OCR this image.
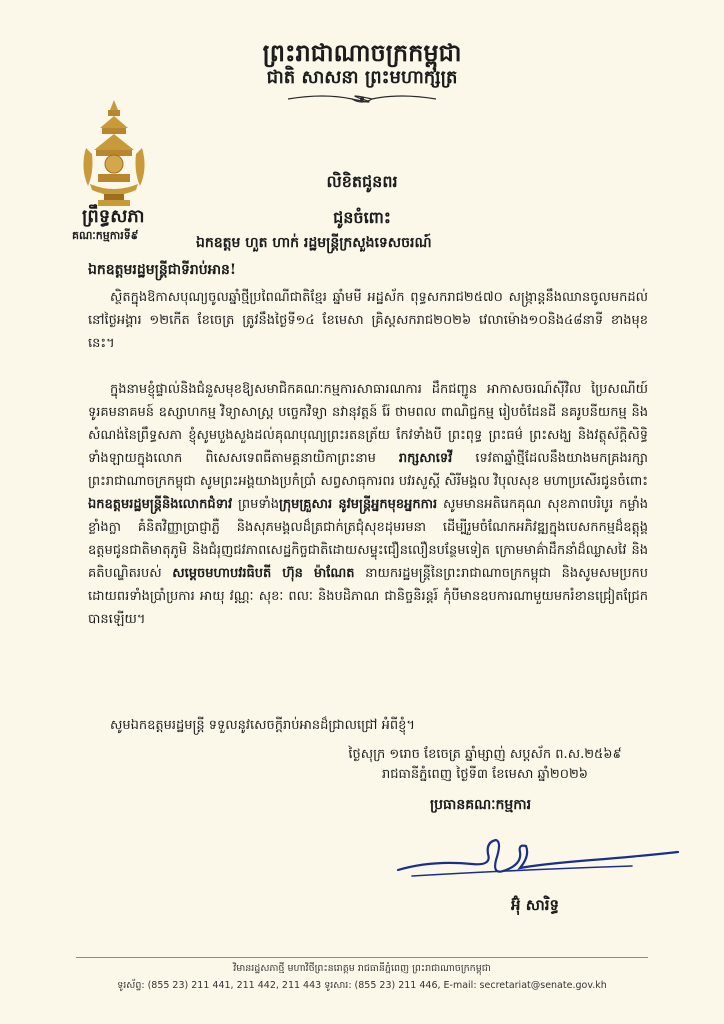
ព្រះរាជាណាចក្រកម្ពុជា
ជាតិ សាសនា ព្រះមហាក្សត្រ
ព្រឹទ្ធសភា
គណៈកម្មការទី៩
លិខិតជូនពរ
ជូនចំពោះ
ឯកឧត្តម ហួត ហាក់ រដ្ឋមន្ត្រីក្រសួងទេសចរណ៍
ឯកឧត្តមរដ្ឋមន្ត្រីជាទីរាប់អាន!
ស្ថិតក្នុងឱកាសបុណ្យចូលឆ្នាំថ្មីប្រពៃណីជាតិខ្មែរ ឆ្នាំមមី អដ្ឋស័ក ពុទ្ធសករាជ២៥៧០ សង្ក្រាន្តនឹងឈានចូលមកដល់នៅថ្ងៃអង្គារ ១២កើត ខែចេត្រ ត្រូវនឹងថ្ងៃទី១៤ ខែមេសា គ្រិស្តសករាជ២០២៦ វេលាម៉ោង១០និង៤៨នាទី ខាងមុខនេះ។
ក្នុងនាមខ្ញុំផ្ទាល់និងជំនួសមុខឱ្យសមាជិកគណៈកម្មការសាធារណការ ដឹកជញ្ជូន អាកាសចរណ៍ស៊ីវិល ប្រៃសណីយ៍ ទូរគមនាគមន៍ ឧស្សាហកម្ម វិទ្យាសាស្ត្រ បច្ចេកវិទ្យា នវានុវត្តន៍ រ៉ែ ថាមពល ពាណិជ្ជកម្ម រៀបចំដែនដី នគរូបនីយកម្ម និងសំណង់នៃព្រឹទ្ធសភា ខ្ញុំសូមបួងសួងដល់គុណបុណ្យព្រះរតនត្រ័យ កែវទាំងបី ព្រះពុទ្ធ ព្រះធម៌ ព្រះសង្ឃ និងវត្ថុស័ក្តិសិទ្ធិទាំងឡាយក្នុងលោក ពិសេសទេពធីតាមគ្គនាយិកាព្រះនាម រាក្សសាទេវី ទេវតាឆ្នាំថ្មីដែលនឹងយាងមកគ្រងរក្សាព្រះរាជាណាចក្រកម្ពុជា សូមព្រះអង្គយាងប្រកំប្រាំ សព្វសាធុការពរ បវរសួស្តី សិរីមង្គល វិបុលសុខ មហាប្រសើរជូនចំពោះ ឯកឧត្តមរដ្ឋមន្ត្រីនិងលោកជំទាវ ព្រមទាំងក្រុមគ្រួសារ នូវមន្ត្រីអ្នកមុខអ្នកការ សូមមានអតិរេកគុណ សុខភាពបរិបូរ កម្លាំងខ្លាំងក្លា គំនិតវិញ្ញាប្រាជ្ញាភ្លឺ និងសុភមង្គលដ៏ត្រជាក់ត្រជុំសុខដុមរមនា ដើម្បីរួមចំណែកអភិវឌ្ឍក្នុងបេសកកម្មដ៏ឧត្តុង្គឧត្តមជូនជាតិមាតុភូមិ និងជំរុញជវភាពសេដ្ឋកិច្ចជាតិដោយសម្ទុះជឿនលឿនបន្ថែមទៀត ក្រោមមាគ៌ាដឹកនាំដ៏ឈ្លាសវៃ និងគតិបណ្ឌិតរបស់ សម្តេចមហាបវរធិបតី ហ៊ុន ម៉ាណែត នាយករដ្ឋមន្ត្រីនៃព្រះរាជាណាចក្រកម្ពុជា និងសូមសមប្រកបដោយពរទាំងប្រាំប្រការ អាយុ វណ្ណៈ សុខៈ ពលៈ និងបដិភាណ ជានិច្ចនិរន្តរ៍ កុំបីមានឧបការណាមួយមករំខានជ្រៀតជ្រែកបានឡើយ។
សូមឯកឧត្តមរដ្ឋមន្ត្រី ទទួលនូវសេចក្តីរាប់អានដ៏ជ្រាលជ្រៅ អំពីខ្ញុំ។
ថ្ងៃសុក្រ ១រោច ខែចេត្រ ឆ្នាំម្សាញ់ សប្តស័ក ព.ស.២៥៦៩
រាជធានីភ្នំពេញ ថ្ងៃទី៣ ខែមេសា ឆ្នាំ២០២៦
ប្រធានគណៈកម្មការ
អ៊ុំ សារិទ្ធ
វិមានរដ្ឋសភាថ្មី មហាវិថីព្រះនរោត្តម រាជធានីភ្នំពេញ ព្រះរាជាណាចក្រកម្ពុជា
ទូរស័ព្ទ: (855 23) 211 441, 211 442, 211 443 ទូរសារ: (855 23) 211 446, E-mail: secretariat@senate.gov.kh
